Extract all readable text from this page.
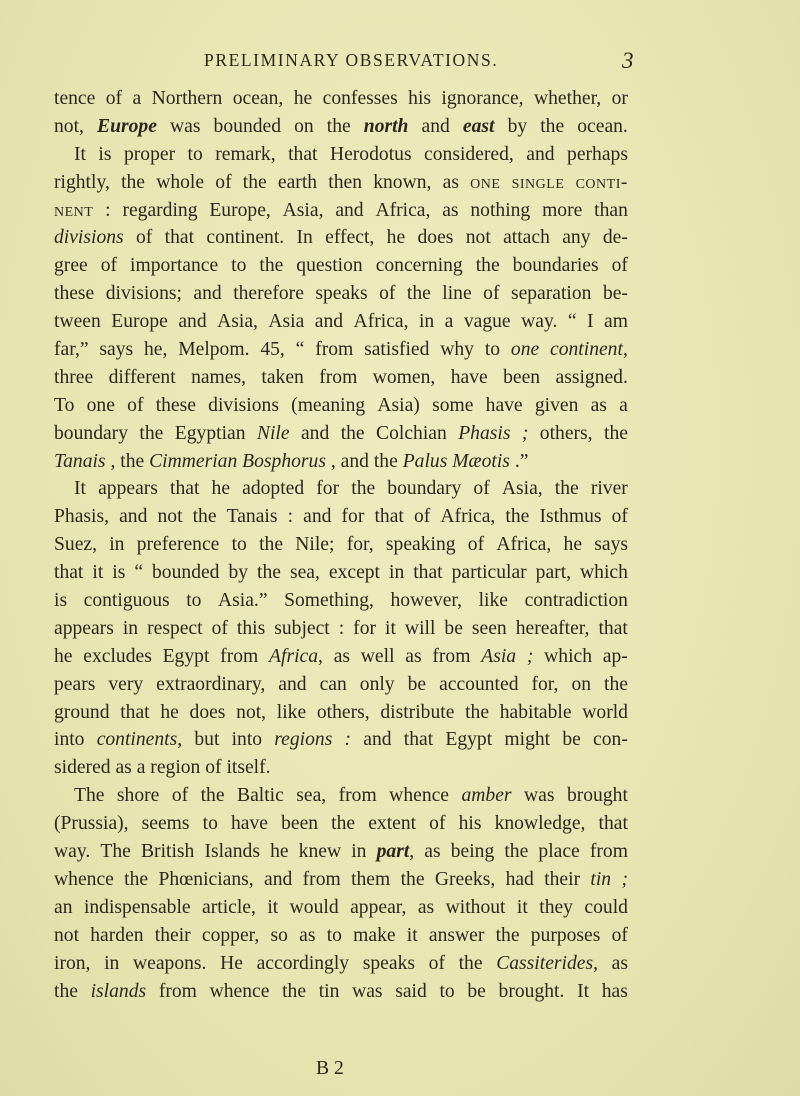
PRELIMINARY OBSERVATIONS.	3
tence of a Northern ocean, he confesses his ignorance, whether, or
not, Europe was bounded on the north and east by the ocean.
It is proper to remark, that Herodotus considered, and perhaps
rightly, the whole of the earth then known, as one single conti-
nent : regarding Europe, Asia, and Africa, as nothing more than
divisions of that continent. In effect, he does not attach any de-
gree of importance to the question concerning the boundaries of
these divisions; and therefore speaks of the line of separation be-
tween Europe and Asia, Asia and Africa, in a vague way. “ I am
far,” says he, Melpom. 45, “ from satisfied why to one continent,
three different names, taken from women, have been assigned.
To one of these divisions (meaning Asia) some have given as a
boundary the Egyptian Nile and the Colchian Phasis ; others, the
Tanais , the Cimmerian Bosphorus , and the Palus Mæotis .”
It appears that he adopted for the boundary of Asia, the river
Phasis, and not the Tanais : and for that of Africa, the Isthmus of
Suez, in preference to the Nile; for, speaking of Africa, he says
that it is “ bounded by the sea, except in that particular part, which
is contiguous to Asia.” Something, however, like contradiction
appears in respect of this subject : for it will be seen hereafter, that
he excludes Egypt from Africa, as well as from Asia ; which ap-
pears very extraordinary, and can only be accounted for, on the
ground that he does not, like others, distribute the habitable world
into continents, but into regions : and that Egypt might be con-
sidered as a region of itself.
The shore of the Baltic sea, from whence amber was brought
(Prussia), seems to have been the extent of his knowledge, that
way. The British Islands he knew in part, as being the place from
whence the Phœnicians, and from them the Greeks, had their tin ;
an indispensable article, it would appear, as without it they could
not harden their copper, so as to make it answer the purposes of
iron, in weapons. He accordingly speaks of the Cassiterides, as
the islands from whence the tin was said to be brought. It has
B 2
